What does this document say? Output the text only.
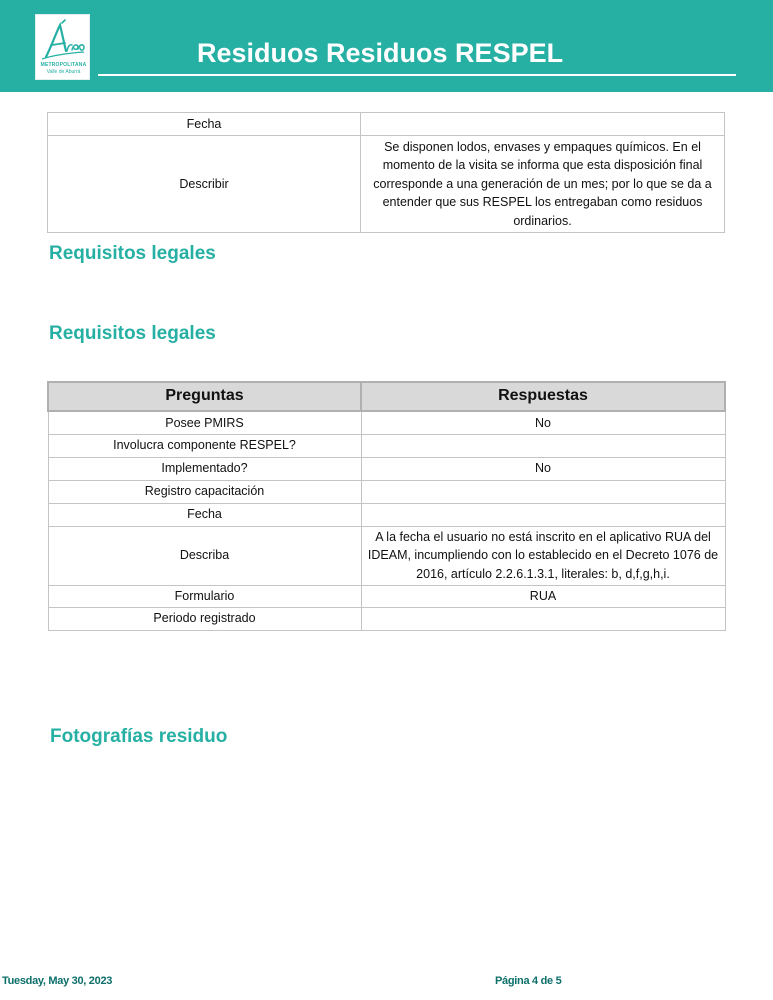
METROPOLITANA
Valle de Aburrá
Residuos Residuos RESPEL
Fecha	
Describir	Se disponen lodos, envases y empaques químicos. En el momento de la visita se informa que esta disposición final corresponde a una generación de un mes; por lo que se da a entender que sus RESPEL los entregaban como residuos ordinarios.
Requisitos legales
Requisitos legales
Preguntas	Respuestas
Posee PMIRS	No
Involucra componente RESPEL?	
Implementado?	No
Registro capacitación	
Fecha	
Describa	A la fecha el usuario no está inscrito en el aplicativo RUA del IDEAM, incumpliendo con lo establecido en el Decreto 1076 de 2016, artículo 2.2.6.1.3.1, literales: b, d,f,g,h,i.
Formulario	RUA
Periodo registrado	
Fotografías residuo
Tuesday, May 30, 2023	Página 4 de 5
